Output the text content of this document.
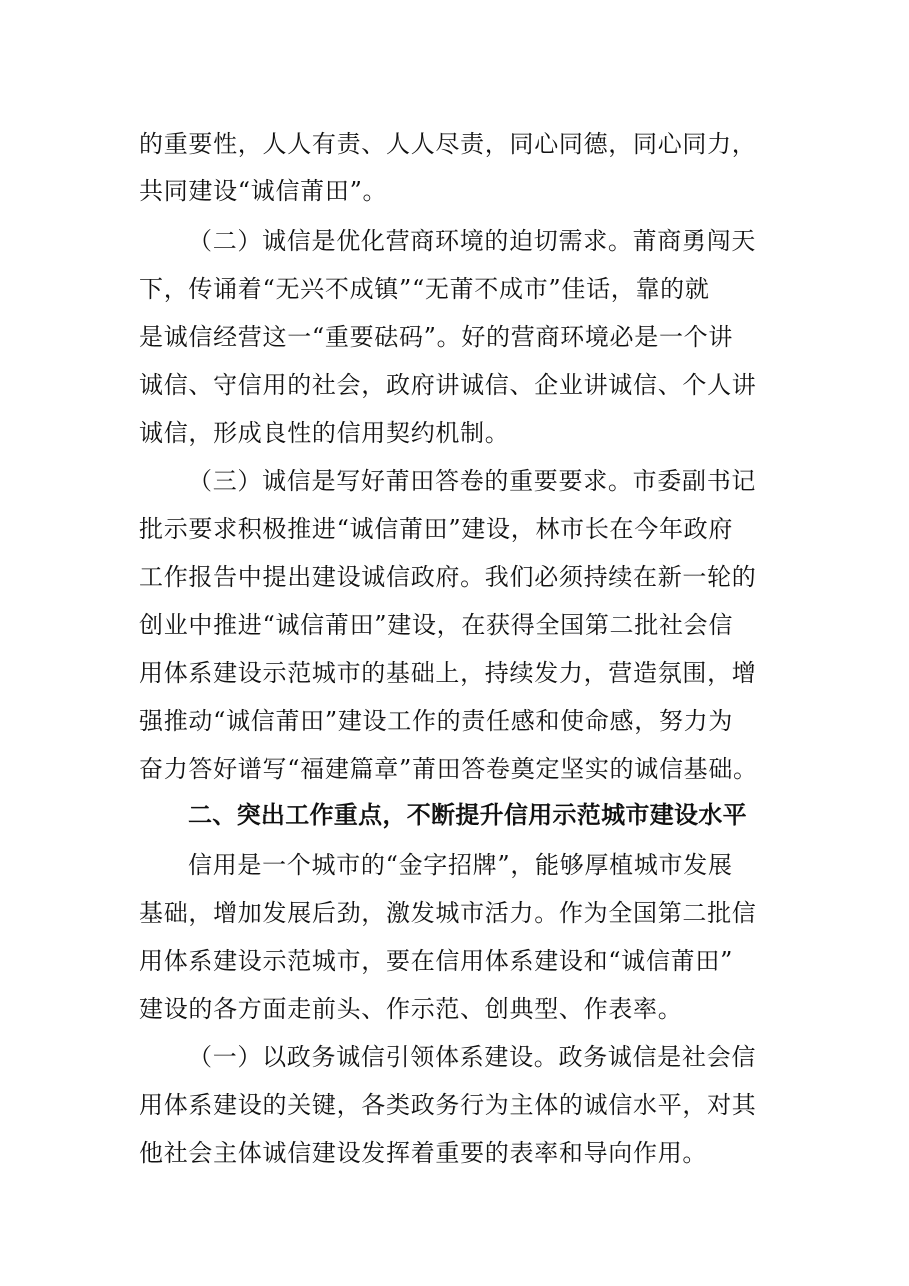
的重要性，人人有责、人人尽责，同心同德，同心同力，
共同建设“诚信莆田”。
（二）诚信是优化营商环境的迫切需求。莆商勇闯天
下，传诵着“无兴不成镇”“无莆不成市”佳话，靠的就
是诚信经营这一“重要砝码”。好的营商环境必是一个讲
诚信、守信用的社会，政府讲诚信、企业讲诚信、个人讲
诚信，形成良性的信用契约机制。
（三）诚信是写好莆田答卷的重要要求。市委副书记
批示要求积极推进“诚信莆田”建设，林市长在今年政府
工作报告中提出建设诚信政府。我们必须持续在新一轮的
创业中推进“诚信莆田”建设，在获得全国第二批社会信
用体系建设示范城市的基础上，持续发力，营造氛围，增
强推动“诚信莆田”建设工作的责任感和使命感，努力为
奋力答好谱写“福建篇章”莆田答卷奠定坚实的诚信基础。
二、突出工作重点，不断提升信用示范城市建设水平
信用是一个城市的“金字招牌”，能够厚植城市发展
基础，增加发展后劲，激发城市活力。作为全国第二批信
用体系建设示范城市，要在信用体系建设和“诚信莆田”
建设的各方面走前头、作示范、创典型、作表率。
（一）以政务诚信引领体系建设。政务诚信是社会信
用体系建设的关键，各类政务行为主体的诚信水平，对其
他社会主体诚信建设发挥着重要的表率和导向作用。
